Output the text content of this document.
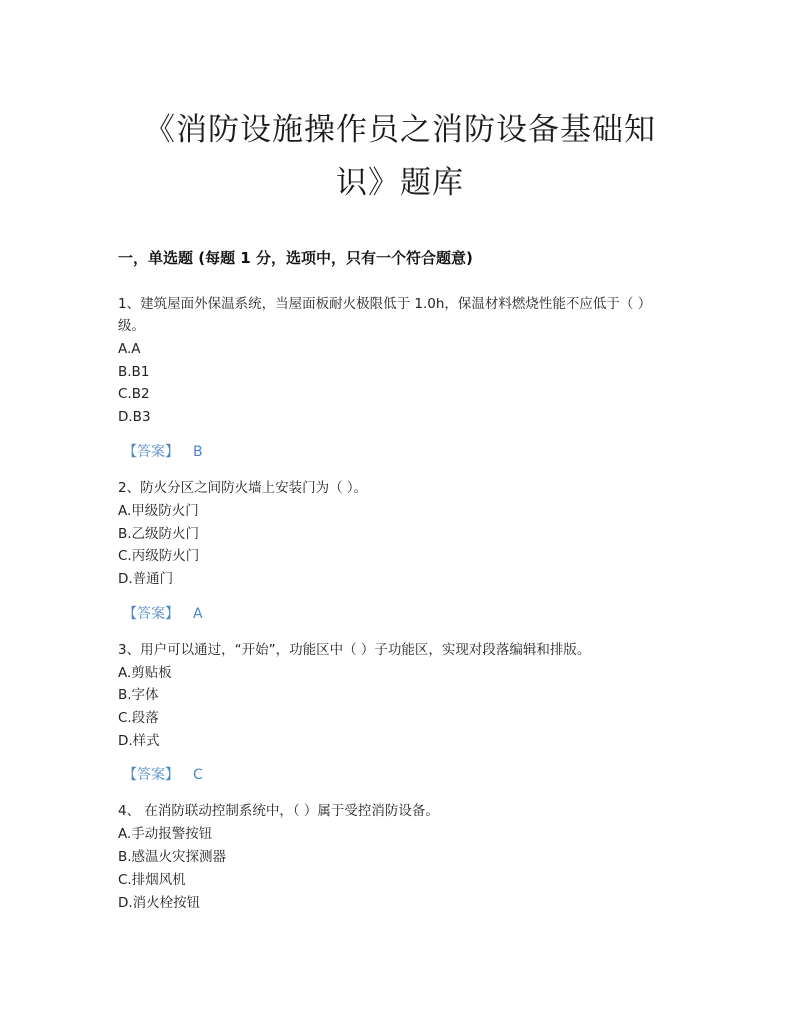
《消防设施操作员之消防设备基础知
识》题库
一，单选题 (每题 1 分，选项中，只有一个符合题意)
1、建筑屋面外保温系统，当屋面板耐火极限低于 1.0h，保温材料燃烧性能不应低于（ ）级。
A.A
B.B1
C.B2
D.B3
【答案】 B
2、防火分区之间防火墙上安装门为（ ）。
A.甲级防火门
B.乙级防火门
C.丙级防火门
D.普通门
【答案】 A
3、用户可以通过，“开始”，功能区中（ ）子功能区，实现对段落编辑和排版。
A.剪贴板
B.字体
C.段落
D.样式
【答案】 C
4、 在消防联动控制系统中，（ ）属于受控消防设备。
A.手动报警按钮
B.感温火灾探测器
C.排烟风机
D.消火栓按钮
